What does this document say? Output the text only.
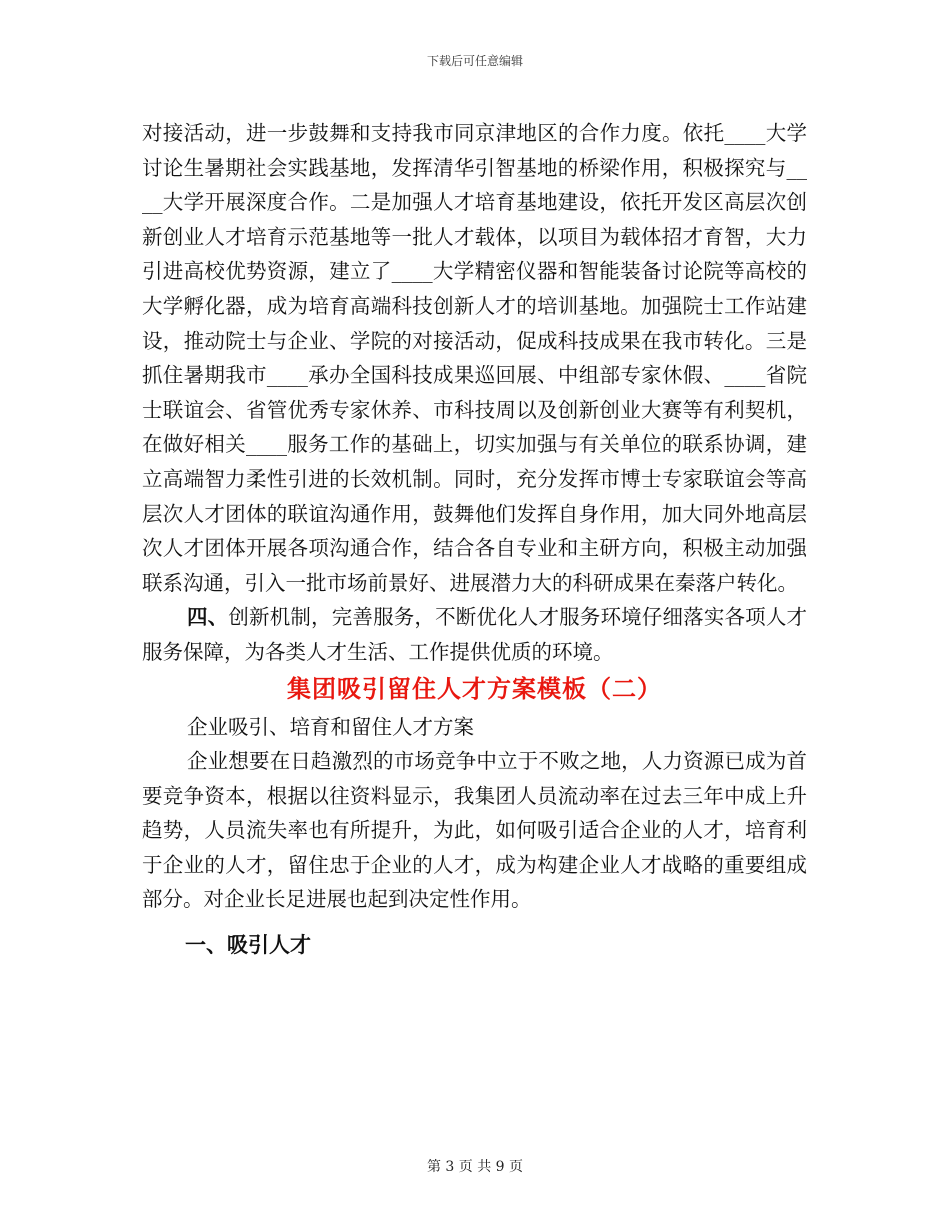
下载后可任意编辑

对接活动，进一步鼓舞和支持我市同京津地区的合作力度。依托____大学讨论生暑期社会实践基地，发挥清华引智基地的桥梁作用，积极探究与____大学开展深度合作。二是加强人才培育基地建设，依托开发区高层次创新创业人才培育示范基地等一批人才载体，以项目为载体招才育智，大力引进高校优势资源，建立了____大学精密仪器和智能装备讨论院等高校的大学孵化器，成为培育高端科技创新人才的培训基地。加强院士工作站建设，推动院士与企业、学院的对接活动，促成科技成果在我市转化。三是抓住暑期我市____承办全国科技成果巡回展、中组部专家休假、____省院士联谊会、省管优秀专家休养、市科技周以及创新创业大赛等有利契机，在做好相关____服务工作的基础上，切实加强与有关单位的联系协调，建立高端智力柔性引进的长效机制。同时，充分发挥市博士专家联谊会等高层次人才团体的联谊沟通作用，鼓舞他们发挥自身作用，加大同外地高层次人才团体开展各项沟通合作，结合各自专业和主研方向，积极主动加强联系沟通，引入一批市场前景好、进展潜力大的科研成果在秦落户转化。

四、创新机制，完善服务，不断优化人才服务环境仔细落实各项人才服务保障，为各类人才生活、工作提供优质的环境。

集团吸引留住人才方案模板（二）

企业吸引、培育和留住人才方案

企业想要在日趋激烈的市场竞争中立于不败之地，人力资源已成为首要竞争资本，根据以往资料显示，我集团人员流动率在过去三年中成上升趋势，人员流失率也有所提升，为此，如何吸引适合企业的人才，培育利于企业的人才，留住忠于企业的人才，成为构建企业人才战略的重要组成部分。对企业长足进展也起到决定性作用。

一、吸引人才
第 3 页 共 9 页
